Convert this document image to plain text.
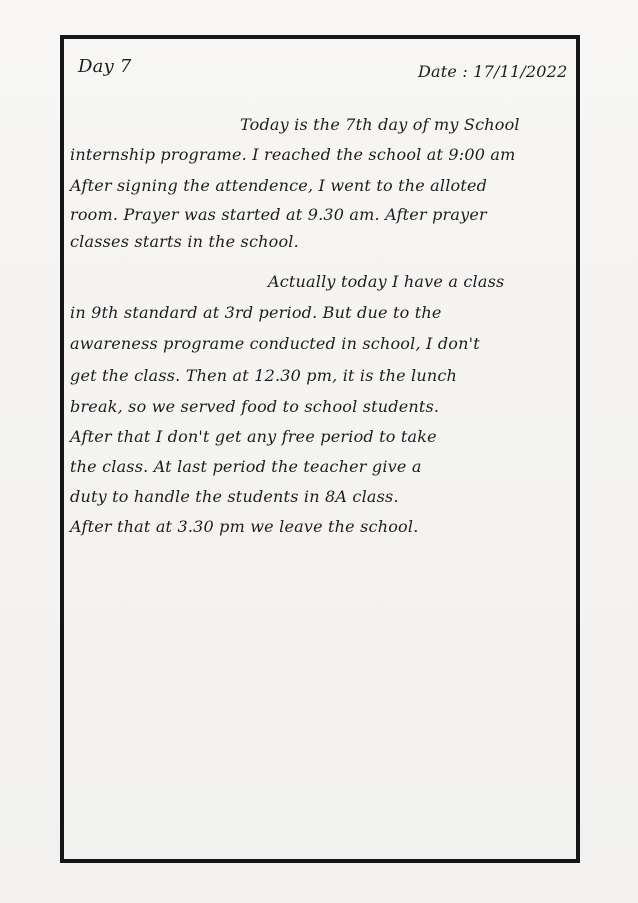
Day 7	Date : 17/11/2022
Today is the 7th day of my School
internship programe. I reached the school at 9:00 am
After signing the attendence, I went to the alloted
room. Prayer was started at 9.30 am. After prayer
classes starts in the school.
Actually today I have a class
in 9th standard at 3rd period. But due to the
awareness programe conducted in school, I don't
get the class. Then at 12.30 pm, it is the lunch
break, so we served food to school students.
After that I don't get any free period to take
the class. At last period the teacher give a
duty to handle the students in 8A class.
After that at 3.30 pm we leave the school.
